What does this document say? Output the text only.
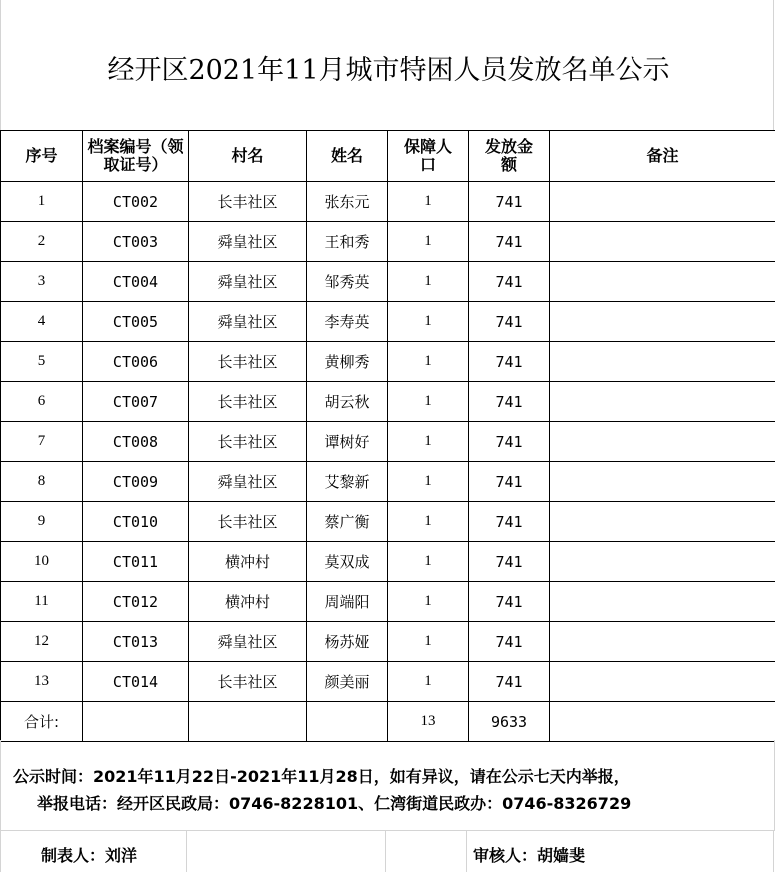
经开区2021年11月城市特困人员发放名单公示
序号	档案编号（领取证号）	村名	姓名	保障人口	发放金额	备注
1	CT002	长丰社区	张东元	1	741	
2	CT003	舜皇社区	王和秀	1	741	
3	CT004	舜皇社区	邹秀英	1	741	
4	CT005	舜皇社区	李寿英	1	741	
5	CT006	长丰社区	黄柳秀	1	741	
6	CT007	长丰社区	胡云秋	1	741	
7	CT008	长丰社区	谭树好	1	741	
8	CT009	舜皇社区	艾黎新	1	741	
9	CT010	长丰社区	蔡广衡	1	741	
10	CT011	横冲村	莫双成	1	741	
11	CT012	横冲村	周端阳	1	741	
12	CT013	舜皇社区	杨苏娅	1	741	
13	CT014	长丰社区	颜美丽	1	741	
合计:				13	9633	
公示时间：2021年11月22日-2021年11月28日，如有异议，请在公示七天内举报，
举报电话：经开区民政局：0746-8228101、仁湾街道民政办：0746-8326729
制表人：刘洋	审核人：胡嫱斐
